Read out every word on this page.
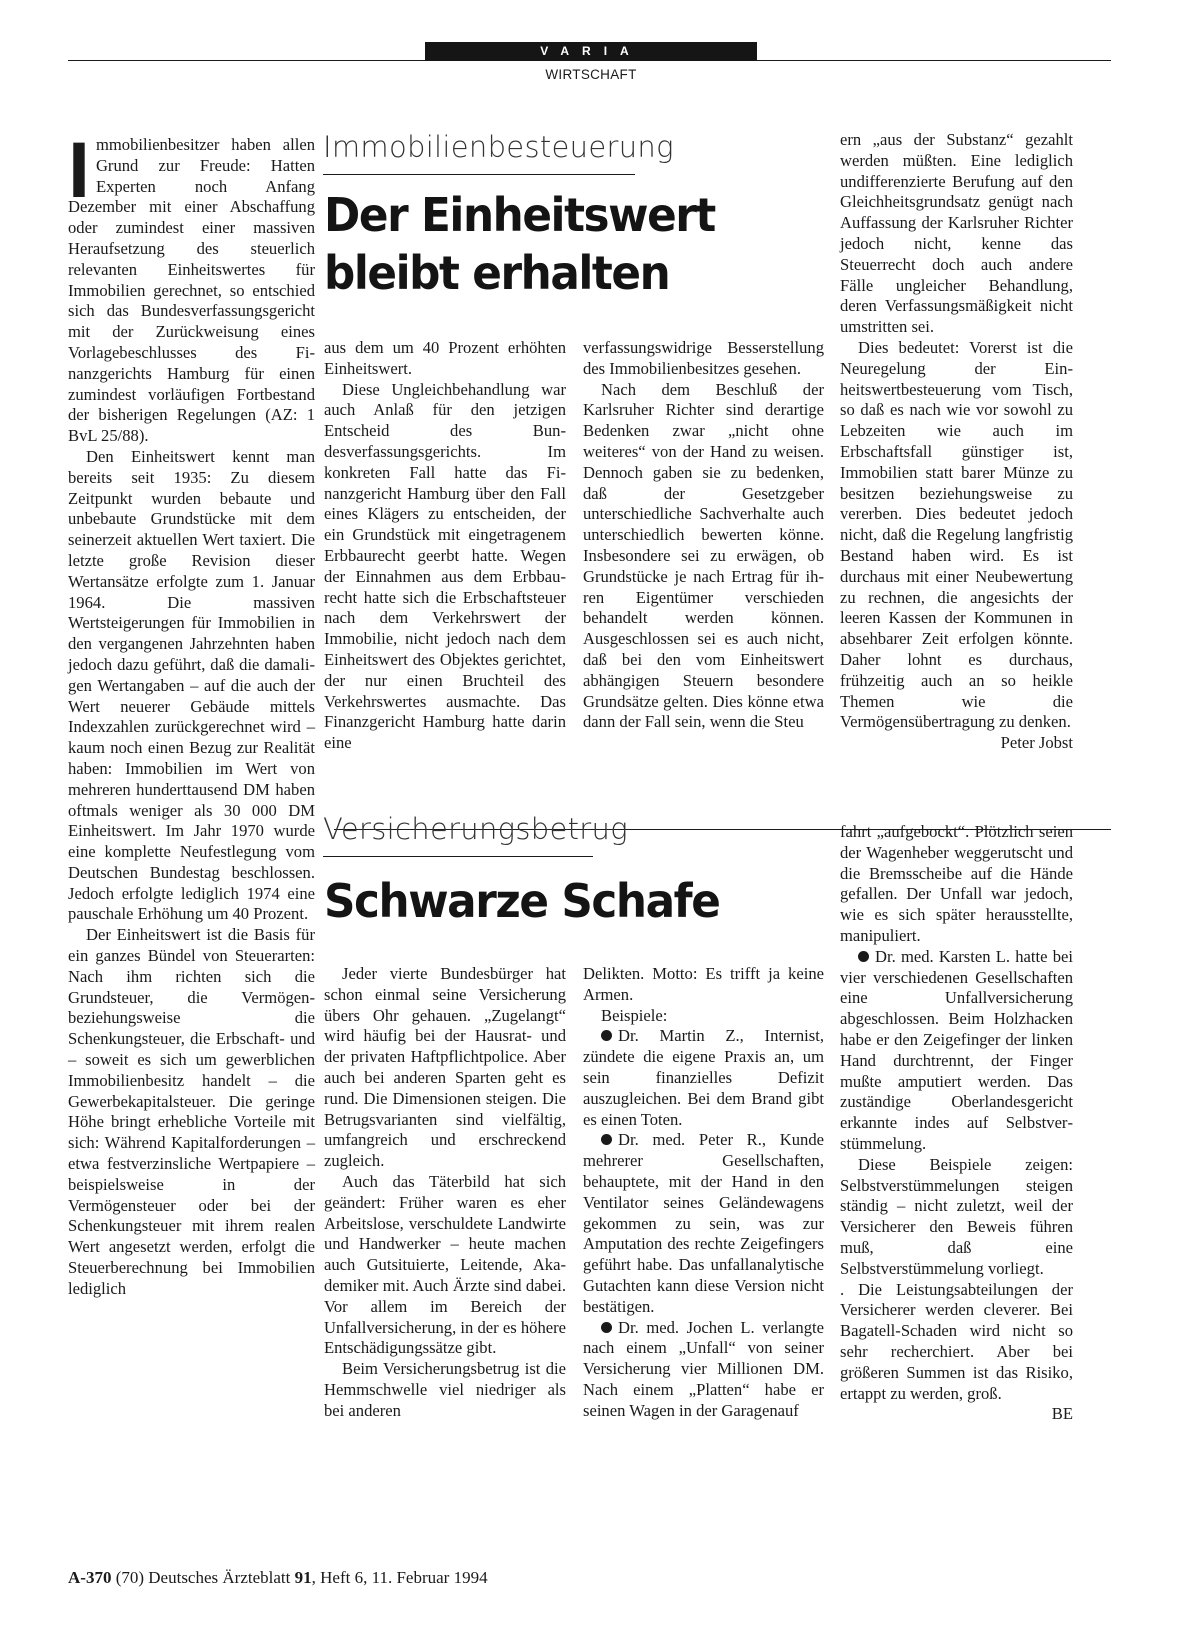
VARIA
WIRTSCHAFT

Immobilienbesitzer haben allen Grund zur Freude: Hatten Experten noch Anfang Dezember mit einer Abschaffung oder zumindest einer massiven Heraufsetzung des steuerlich relevanten Einheitswertes für Immobilien gerechnet, so entschied sich das Bundesverfassungsgericht mit der Zurückweisung eines Vorlagebeschlusses des Finanzgerichts Hamburg für einen zumindest vorläufigen Fortbestand der bisherigen Regelungen (AZ: 1 BvL 25/88).

Den Einheitswert kennt man bereits seit 1935: Zu diesem Zeitpunkt wurden bebaute und unbebaute Grundstücke mit dem seinerzeit aktuellen Wert taxiert. Die letzte große Revision dieser Wertansätze erfolgte zum 1. Januar 1964. Die massiven Wertsteigerungen für Immobilien in den vergangenen Jahrzehnten haben jedoch dazu geführt, daß die damaligen Wertangaben – auf die auch der Wert neuerer Gebäude mittels Indexzahlen zurückgerechnet wird – kaum noch einen Bezug zur Realität haben: Immobilien im Wert von mehreren hunderttausend DM haben oftmals weniger als 30 000 DM Einheitswert. Im Jahr 1970 wurde eine komplette Neufestlegung vom Deutschen Bundestag beschlossen. Jedoch erfolgte lediglich 1974 eine pauschale Erhöhung um 40 Prozent.

Der Einheitswert ist die Basis für ein ganzes Bündel von Steuerarten: Nach ihm richten sich die Grundsteuer, die Vermögen- beziehungsweise die Schenkungsteuer, die Erbschaft- und – soweit es sich um gewerblichen Immobilienbesitz handelt – die Gewerbekapitalsteuer. Die geringe Höhe bringt erhebliche Vorteile mit sich: Während Kapitalforderungen – etwa festverzinsliche Wertpapiere – beispielsweise in der Vermögensteuer oder bei der Schenkungsteuer mit ihrem realen Wert angesetzt werden, erfolgt die Steuerberechnung bei Immobilien lediglich

Immobilienbesteuerung
Der Einheitswert
bleibt erhalten

aus dem um 40 Prozent erhöhten Einheitswert.

Diese Ungleichbehandlung war auch Anlaß für den jetzigen Entscheid des Bundesverfassungsgerichts. Im konkreten Fall hatte das Finanzgericht Hamburg über den Fall eines Klägers zu entscheiden, der ein Grundstück mit eingetragenem Erbbaurecht geerbt hatte. Wegen der Einnahmen aus dem Erbbaurecht hatte sich die Erbschaftsteuer nach dem Verkehrswert der Immobilie, nicht jedoch nach dem Einheitswert des Objektes gerichtet, der nur einen Bruchteil des Verkehrswertes ausmachte. Das Finanzgericht Hamburg hatte darin eine

verfassungswidrige Besserstellung des Immobilienbesitzes gesehen.

Nach dem Beschluß der Karlsruher Richter sind derartige Bedenken zwar „nicht ohne weiteres“ von der Hand zu weisen. Dennoch gaben sie zu bedenken, daß der Gesetzgeber unterschiedliche Sachverhalte auch unterschiedlich bewerten könne. Insbesondere sei zu erwägen, ob Grundstücke je nach Ertrag für ihren Eigentümer verschieden behandelt werden können. Ausgeschlossen sei es auch nicht, daß bei den vom Einheitswert abhängigen Steuern besondere Grundsätze gelten. Dies könne etwa dann der Fall sein, wenn die Steu

ern „aus der Substanz“ gezahlt werden müßten. Eine lediglich undifferenzierte Berufung auf den Gleichheitsgrundsatz genügt nach Auffassung der Karlsruher Richter jedoch nicht, kenne das Steuerrecht doch auch andere Fälle ungleicher Behandlung, deren Verfassungsmäßigkeit nicht umstritten sei.

Dies bedeutet: Vorerst ist die Neuregelung der Einheitswertbesteuerung vom Tisch, so daß es nach wie vor sowohl zu Lebzeiten wie auch im Erbschaftsfall günstiger ist, Immobilien statt barer Münze zu besitzen beziehungsweise zu vererben. Dies bedeutet jedoch nicht, daß die Regelung langfristig Bestand haben wird. Es ist durchaus mit einer Neubewertung zu rechnen, die angesichts der leeren Kassen der Kommunen in absehbarer Zeit erfolgen könnte. Daher lohnt es durchaus, frühzeitig auch an so heikle Themen wie die Vermögensübertragung zu denken.

Peter Jobst

Versicherungsbetrug
Schwarze Schafe

Jeder vierte Bundesbürger hat schon einmal seine Versicherung übers Ohr gehauen. „Zugelangt“ wird häufig bei der Hausrat- und der privaten Haftpflichtpolice. Aber auch bei anderen Sparten geht es rund. Die Dimensionen steigen. Die Betrugsvarianten sind vielfältig, umfangreich und erschreckend zugleich.

Auch das Täterbild hat sich geändert: Früher waren es eher Arbeitslose, verschuldete Landwirte und Handwerker – heute machen auch Gutsituierte, Leitende, Akademiker mit. Auch Ärzte sind dabei. Vor allem im Bereich der Unfallversicherung, in der es höhere Entschädigungssätze gibt.

Beim Versicherungsbetrug ist die Hemmschwelle viel niedriger als bei anderen

Delikten. Motto: Es trifft ja keine Armen.

Beispiele:

Dr. Martin Z., Internist, zündete die eigene Praxis an, um sein finanzielles Defizit auszugleichen. Bei dem Brand gibt es einen Toten.

Dr. med. Peter R., Kunde mehrerer Gesellschaften, behauptete, mit der Hand in den Ventilator seines Geländewagens gekommen zu sein, was zur Amputation des rechte Zeigefingers geführt habe. Das unfallanalytische Gutachten kann diese Version nicht bestätigen.

Dr. med. Jochen L. verlangte nach einem „Unfall“ von seiner Versicherung vier Millionen DM. Nach einem „Platten“ habe er seinen Wagen in der Garagenauf

fahrt „aufgebockt“. Plötzlich seien der Wagenheber weggerutscht und die Bremsscheibe auf die Hände gefallen. Der Unfall war jedoch, wie es sich später herausstellte, manipuliert.

Dr. med. Karsten L. hatte bei vier verschiedenen Gesellschaften eine Unfallversicherung abgeschlossen. Beim Holzhacken habe er den Zeigefinger der linken Hand durchtrennt, der Finger mußte amputiert werden. Das zuständige Oberlandesgericht erkannte indes auf Selbstverstümmelung.

Diese Beispiele zeigen: Selbstverstümmelungen steigen ständig – nicht zuletzt, weil der Versicherer den Beweis führen muß, daß eine Selbstverstümmelung vorliegt.

. Die Leistungsabteilungen der Versicherer werden cleverer. Bei Bagatell-Schaden wird nicht so sehr recherchiert. Aber bei größeren Summen ist das Risiko, ertappt zu werden, groß.

BE

A-370 (70) Deutsches Ärzteblatt 91, Heft 6, 11. Februar 1994
